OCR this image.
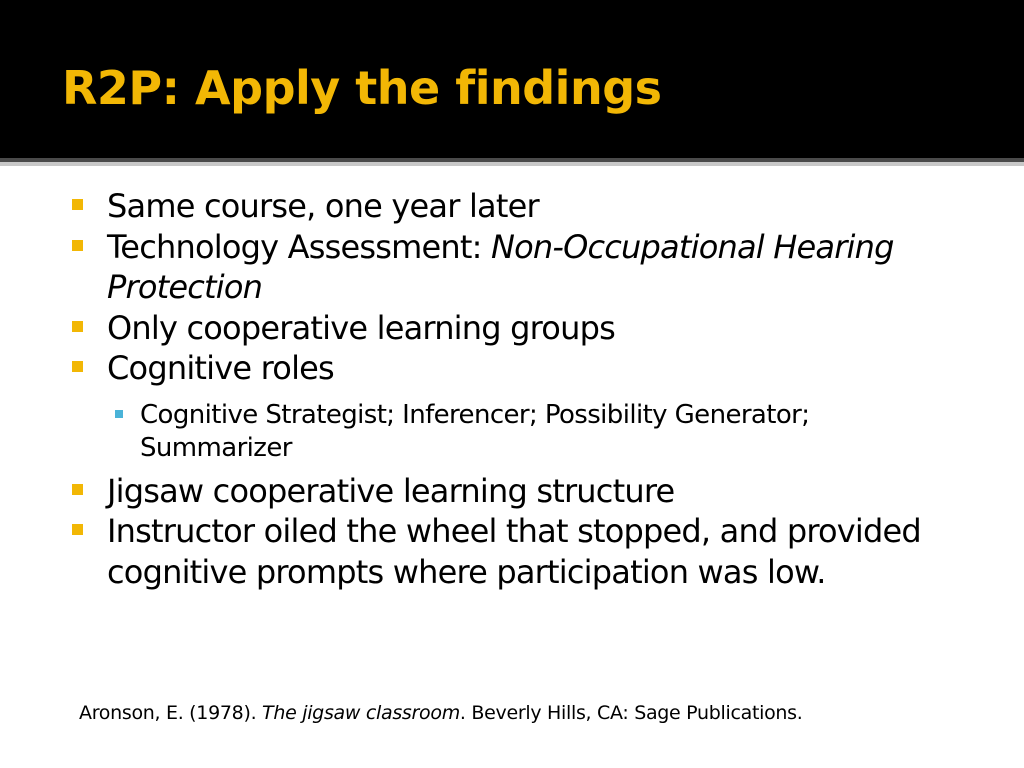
R2P: Apply the findings
Same course, one year later
Technology Assessment: Non-Occupational Hearing Protection
Only cooperative learning groups
Cognitive roles
Cognitive Strategist; Inferencer; Possibility Generator; Summarizer
Jigsaw cooperative learning structure
Instructor oiled the wheel that stopped, and provided cognitive prompts where participation was low.
Aronson, E. (1978). The jigsaw classroom. Beverly Hills, CA: Sage Publications.
